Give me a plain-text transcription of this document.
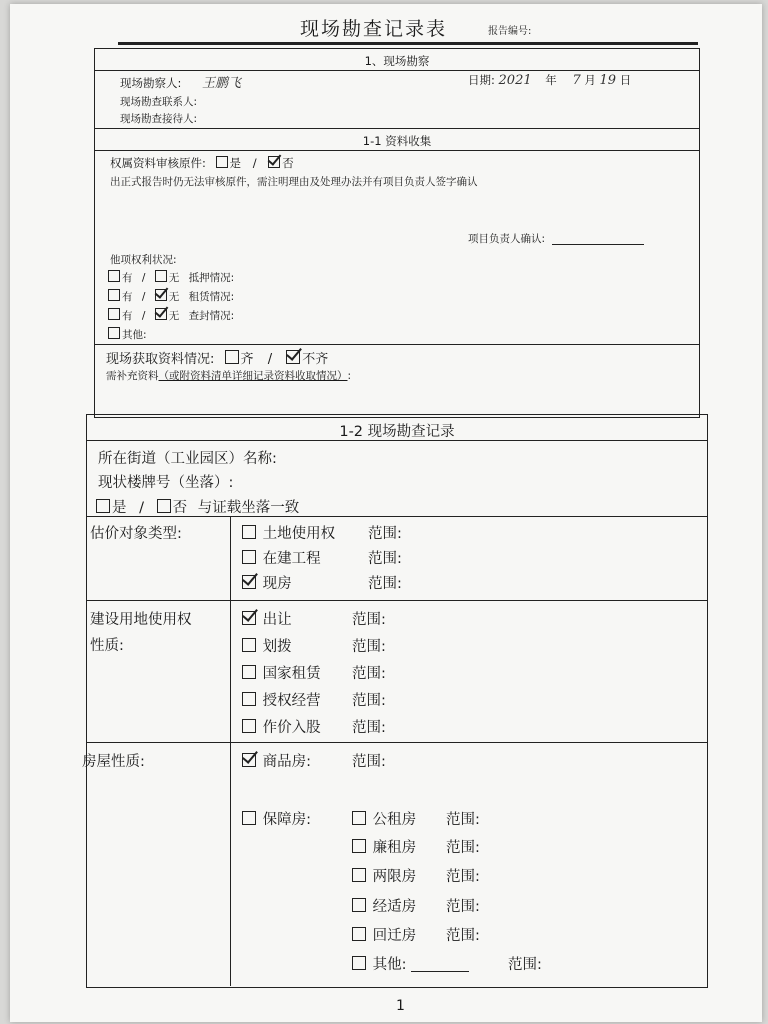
现场勘查记录表	报告编号:
1、现场勘察
现场勘察人: 王鹏飞	日期: 2021 年 7 月 19 日
现场勘查联系人:
现场勘查接待人:
1-1 资料收集
权属资料审核原件: 是 / 否
出正式报告时仍无法审核原件，需注明理由及处理办法并有项目负责人签字确认
项目负责人确认:
他项权利状况:
有 / 无 抵押情况:
有 / 无 租赁情况:
有 / 无 查封情况:
其他:
现场获取资料情况: 齐 / 不齐
需补充资料（或附资料清单详细记录资料收取情况）:
1-2 现场勘查记录
所在街道（工业园区）名称:
现状楼牌号（坐落）:
是 / 否 与证载坐落一致
估价对象类型:	土地使用权 范围:
在建工程	范围:
现房	范围:
建设用地使用权
性质:
出让	范围:
划拨	范围:
国家租赁 范围:
授权经营 范围:
作价入股 范围:
房屋性质:	商品房:	范围:
保障房:	公租房 范围:
廉租房 范围:
两限房 范围:
经适房 范围:
回迁房 范围:
其他:	范围:
1
